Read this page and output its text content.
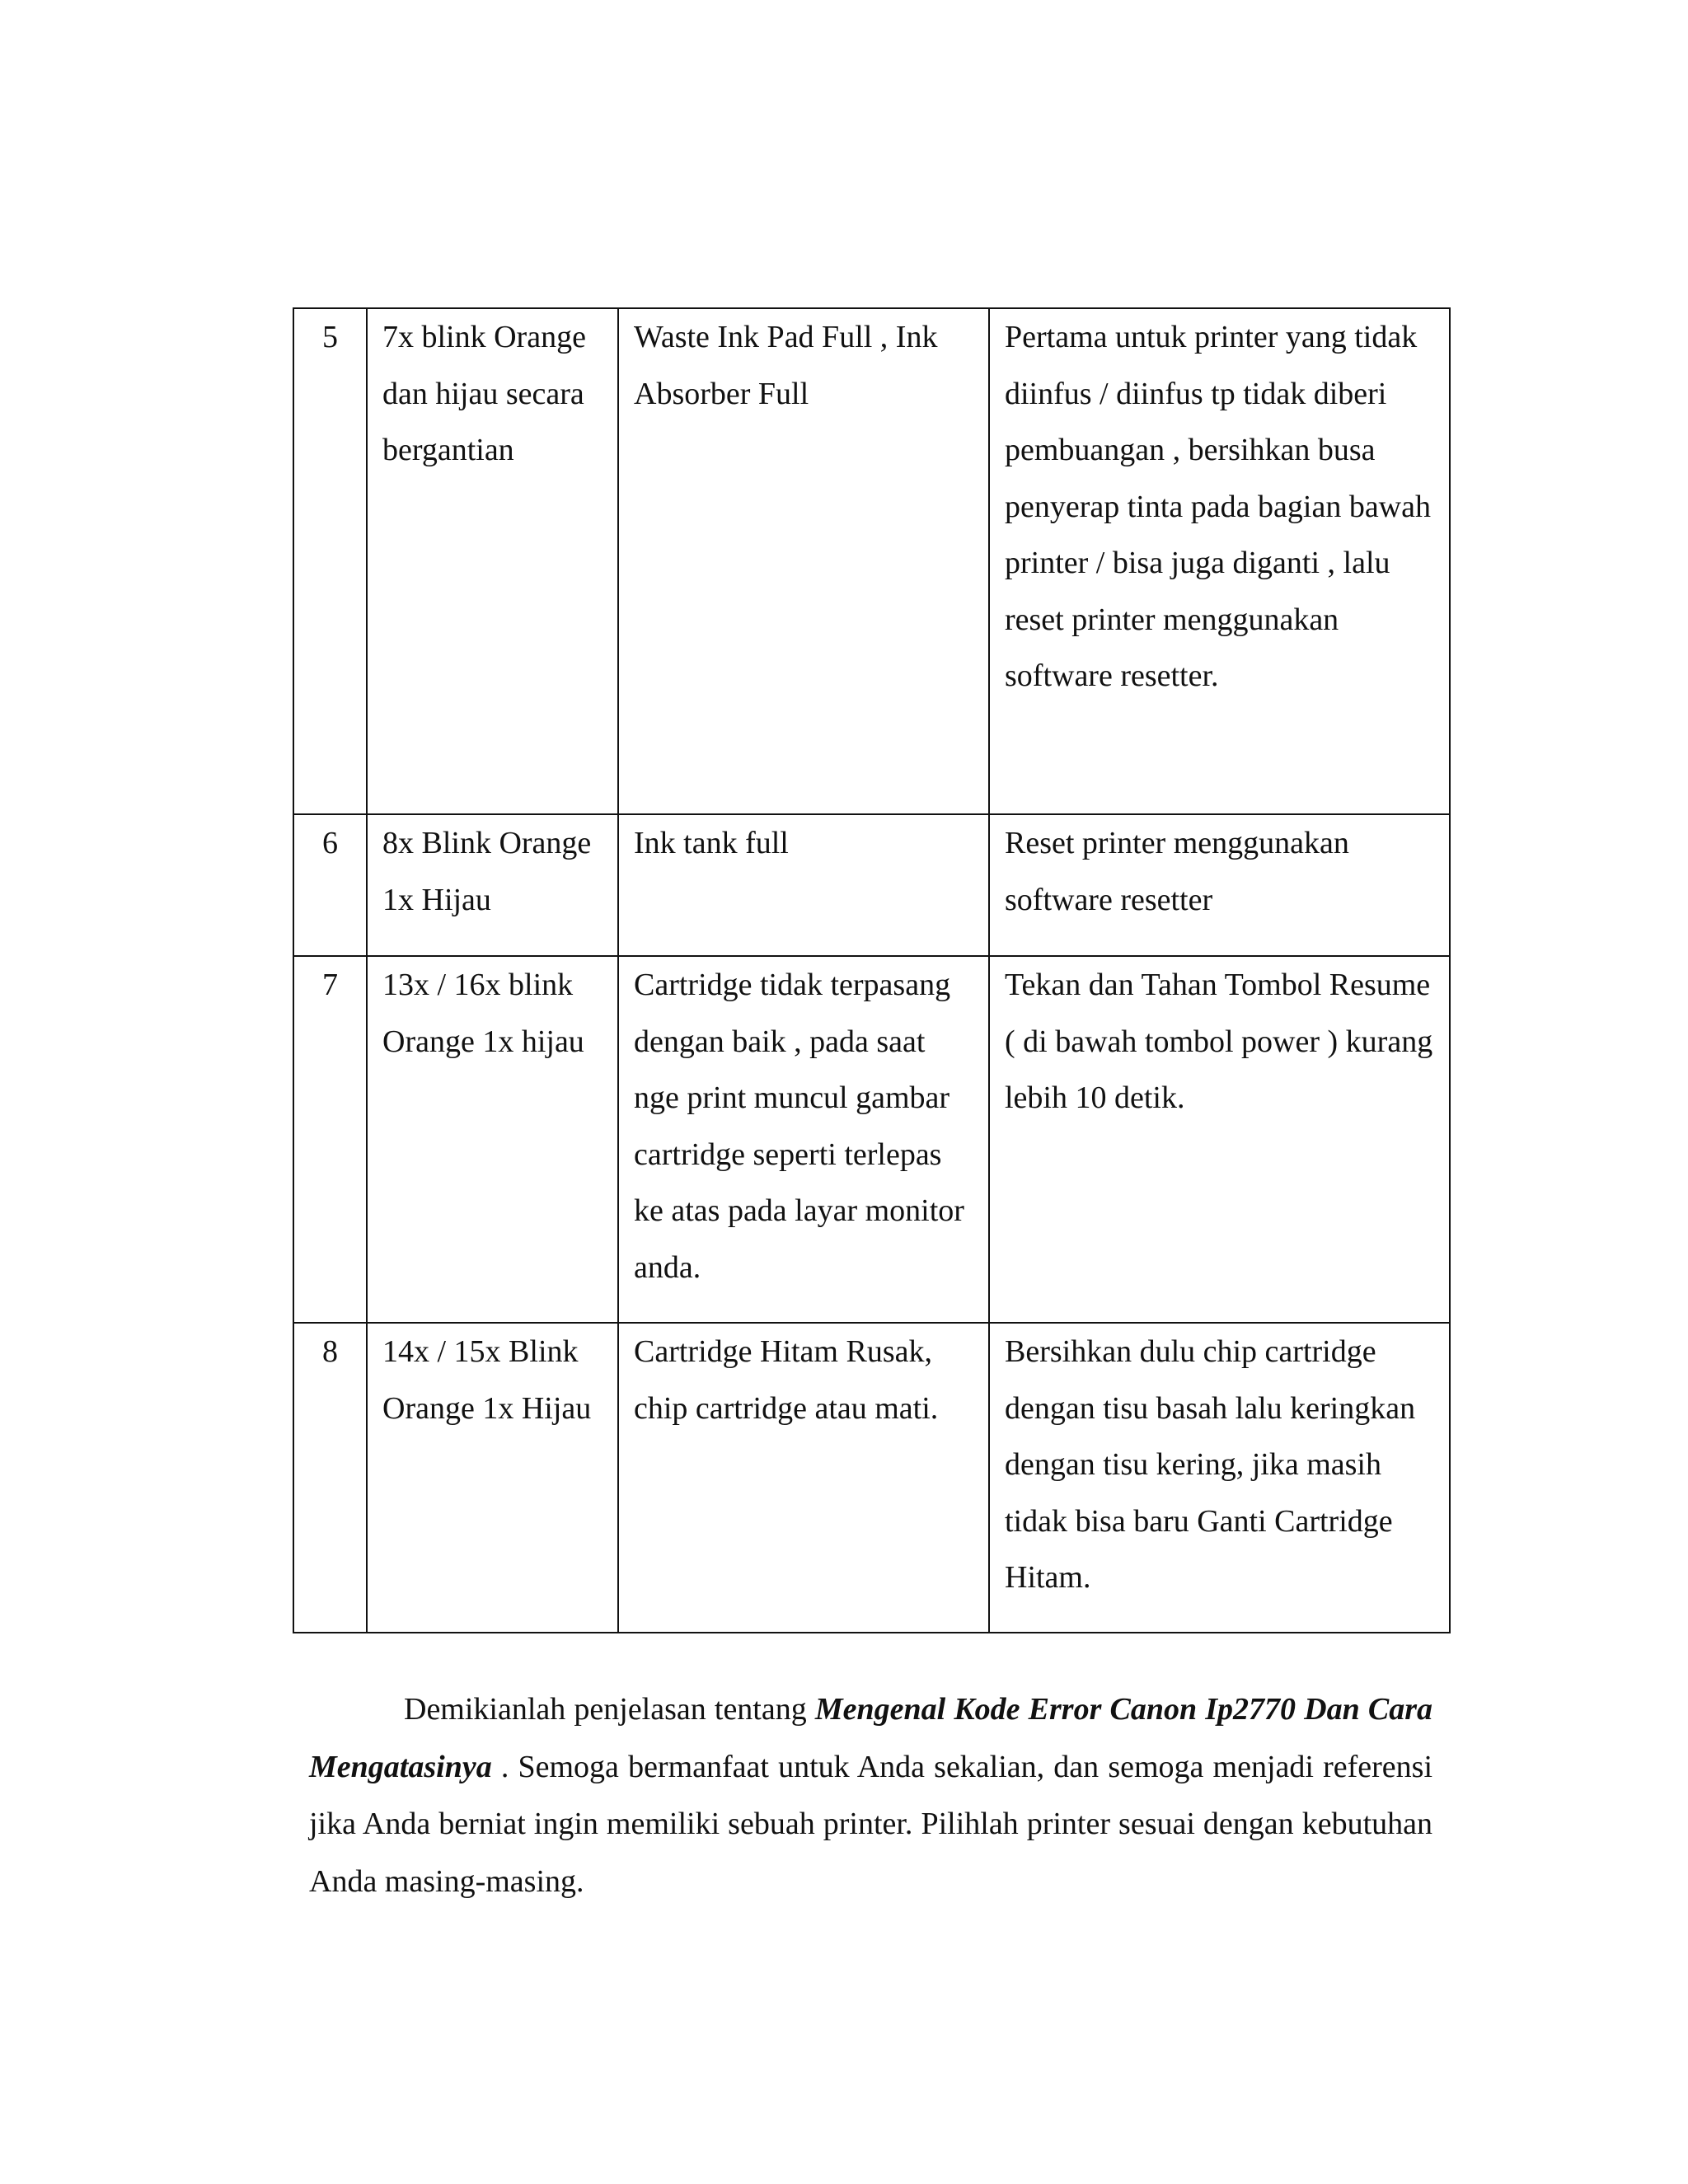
5	7x blink Orange dan hijau secara bergantian	Waste Ink Pad Full , Ink Absorber Full	Pertama untuk printer yang tidak diinfus / diinfus tp tidak diberi pembuangan , bersihkan busa penyerap tinta pada bagian bawah printer / bisa juga diganti , lalu reset printer menggunakan software resetter.
6	8x Blink Orange 1x Hijau	Ink tank full	Reset printer menggunakan software resetter
7	13x / 16x blink Orange 1x hijau	Cartridge tidak terpasang dengan baik , pada saat nge print muncul gambar cartridge seperti terlepas ke atas pada layar monitor anda.	Tekan dan Tahan Tombol Resume ( di bawah tombol power ) kurang lebih 10 detik.
8	14x / 15x Blink Orange 1x Hijau	Cartridge Hitam Rusak, chip cartridge atau mati.	Bersihkan dulu chip cartridge dengan tisu basah lalu keringkan dengan tisu kering, jika masih tidak bisa baru Ganti Cartridge Hitam.

Demikianlah penjelasan tentang Mengenal Kode Error Canon Ip2770 Dan Cara Mengatasinya . Semoga bermanfaat untuk Anda sekalian, dan semoga menjadi referensi jika Anda berniat ingin memiliki sebuah printer. Pilihlah printer sesuai dengan kebutuhan Anda masing-masing.
